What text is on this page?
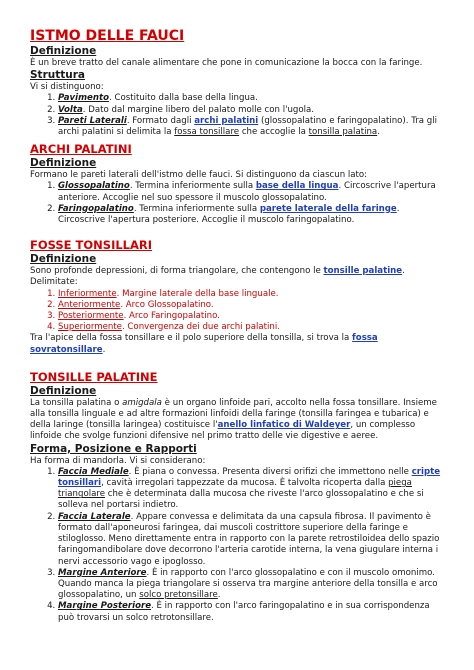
ISTMO DELLE FAUCI
Definizione

È un breve tratto del canale alimentare che pone in comunicazione la bocca con la faringe.

Struttura

Vi si distinguono:

1. Pavimento. Costituito dalla base della lingua.
2. Volta. Dato dal margine libero del palato molle con l'ugola.
3. Pareti Laterali. Formato dagli archi palatini (glossopalatino e faringopalatino). Tra gli archi palatini si delimita la fossa tonsillare che accoglie la tonsilla palatina.
ARCHI PALATINI
Definizione

Formano le pareti laterali dell'istmo delle fauci. Si distinguono da ciascun lato:

1. Glossopalatino. Termina inferiormente sulla base della lingua. Circoscrive l'apertura anteriore. Accoglie nel suo spessore il muscolo glossopalatino.
2. Faringopalatino. Termina inferiormente sulla parete laterale della faringe. Circoscrive l'apertura posteriore. Accoglie il muscolo faringopalatino.
FOSSE TONSILLARI
Definizione

Sono profonde depressioni, di forma triangolare, che contengono le tonsille palatine.

Delimitate:

1. Inferiormente. Margine laterale della base linguale.
2. Anteriormente. Arco Glossopalatino.
3. Posteriormente. Arco Faringopalatino.
4. Superiormente. Convergenza dei due archi palatini.

Tra l'apice della fossa tonsillare e il polo superiore della tonsilla, si trova la fossa sovratonsillare.

TONSILLE PALATINE
Definizione

La tonsilla palatina o amigdala è un organo linfoide pari, accolto nella fossa tonsillare. Insieme alla tonsilla linguale e ad altre formazioni linfoidi della faringe (tonsilla faringea e tubarica) e della laringe (tonsilla laringea) costituisce l'anello linfatico di Waldeyer, un complesso linfoide che svolge funzioni difensive nel primo tratto delle vie digestive e aeree.

Forma, Posizione e Rapporti

Ha forma di mandorla. Vi si considerano:

1. Faccia Mediale. È piana o convessa. Presenta diversi orifizi che immettono nelle cripte tonsillari, cavità irregolari tappezzate da mucosa. È talvolta ricoperta dalla piega triangolare che è determinata dalla mucosa che riveste l'arco glossopalatino e che si solleva nel portarsi indietro.
2. Faccia Laterale. Appare convessa e delimitata da una capsula fibrosa. Il pavimento è formato dall'aponeurosi faringea, dai muscoli costrittore superiore della faringe e stiloglosso. Meno direttamente entra in rapporto con la parete retrostiloidea dello spazio faringomandibolare dove decorrono l'arteria carotide interna, la vena giugulare interna i nervi accessorio vago e ipoglosso.
3. Margine Anteriore. È in rapporto con l'arco glossopalatino e con il muscolo omonimo. Quando manca la piega triangolare si osserva tra margine anteriore della tonsilla e arco glossopalatino, un solco pretonsillare.
4. Margine Posteriore. È in rapporto con l'arco faringopalatino e in sua corrispondenza può trovarsi un solco retrotonsillare.
